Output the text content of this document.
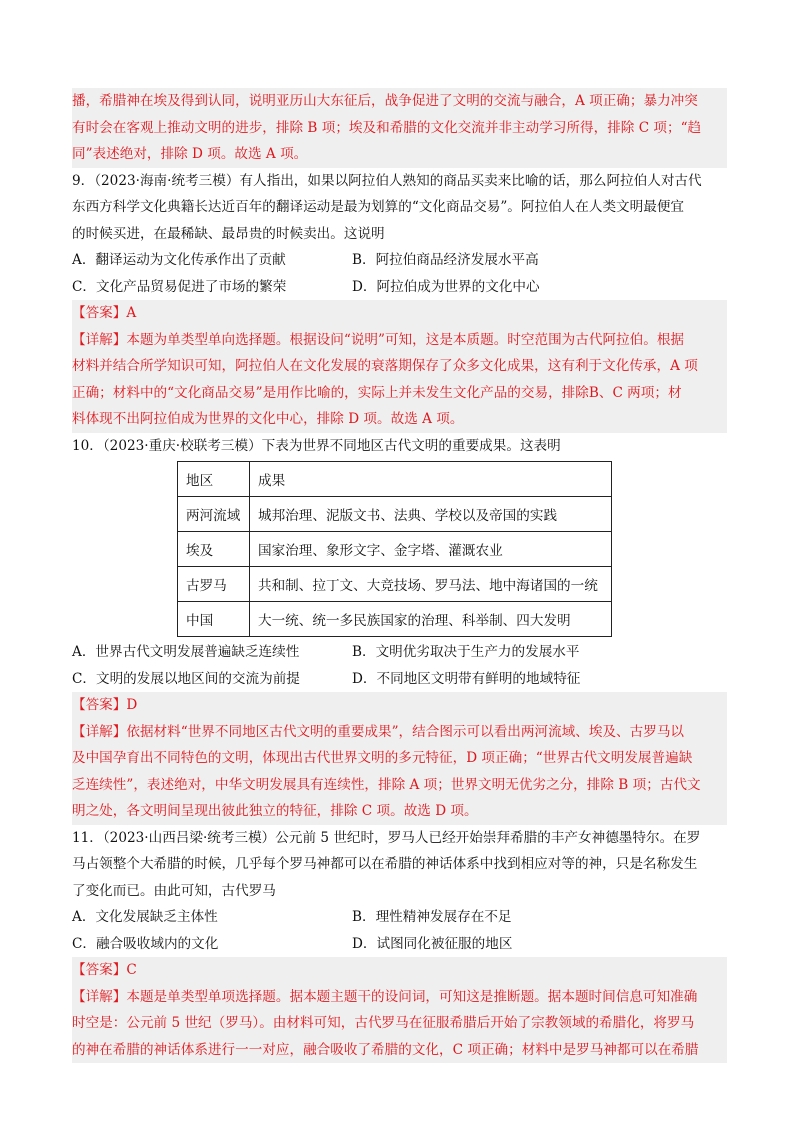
播，希腊神在埃及得到认同，说明亚历山大东征后，战争促进了文明的交流与融合，A 项正确；暴力冲突
有时会在客观上推动文明的进步，排除 B 项；埃及和希腊的文化交流并非主动学习所得，排除 C 项；“趋
同”表述绝对，排除 D 项。故选 A 项。
9．（2023·海南·统考三模）有人指出，如果以阿拉伯人熟知的商品买卖来比喻的话，那么阿拉伯人对古代
东西方科学文化典籍长达近百年的翻译运动是最为划算的“文化商品交易”。阿拉伯人在人类文明最便宜
的时候买进，在最稀缺、最昂贵的时候卖出。这说明
A．翻译运动为文化传承作出了贡献	B．阿拉伯商品经济发展水平高
C．文化产品贸易促进了市场的繁荣	D．阿拉伯成为世界的文化中心
【答案】A
【详解】本题为单类型单向选择题。根据设问“说明”可知，这是本质题。时空范围为古代阿拉伯。根据
材料并结合所学知识可知，阿拉伯人在文化发展的衰落期保存了众多文化成果，这有利于文化传承，A 项
正确；材料中的“文化商品交易”是用作比喻的，实际上并未发生文化产品的交易，排除B、C 两项；材
料体现不出阿拉伯成为世界的文化中心，排除 D 项。故选 A 项。
10．（2023·重庆·校联考三模）下表为世界不同地区古代文明的重要成果。这表明
地区	成果
两河流域	城邦治理、泥版文书、法典、学校以及帝国的实践
埃及	国家治理、象形文字、金字塔、灌溉农业
古罗马	共和制、拉丁文、大竞技场、罗马法、地中海诸国的一统
中国	大一统、统一多民族国家的治理、科举制、四大发明
A．世界古代文明发展普遍缺乏连续性	B．文明优劣取决于生产力的发展水平
C．文明的发展以地区间的交流为前提	D．不同地区文明带有鲜明的地域特征
【答案】D
【详解】依据材料“世界不同地区古代文明的重要成果”，结合图示可以看出两河流域、埃及、古罗马以
及中国孕育出不同特色的文明，体现出古代世界文明的多元特征，D 项正确；“世界古代文明发展普遍缺
乏连续性”，表述绝对，中华文明发展具有连续性，排除 A 项；世界文明无优劣之分，排除 B 项；古代文
明之处，各文明间呈现出彼此独立的特征，排除 C 项。故选 D 项。
11．（2023·山西吕梁·统考三模）公元前 5 世纪时，罗马人已经开始崇拜希腊的丰产女神德墨特尔。在罗
马占领整个大希腊的时候，几乎每个罗马神都可以在希腊的神话体系中找到相应对等的神，只是名称发生
了变化而已。由此可知，古代罗马
A．文化发展缺乏主体性	B．理性精神发展存在不足
C．融合吸收域内的文化	D．试图同化被征服的地区
【答案】C
【详解】本题是单类型单项选择题。据本题主题干的设问词，可知这是推断题。据本题时间信息可知准确
时空是：公元前 5 世纪（罗马）。由材料可知，古代罗马在征服希腊后开始了宗教领域的希腊化，将罗马
的神在希腊的神话体系进行一一对应，融合吸收了希腊的文化，C 项正确；材料中是罗马神都可以在希腊
